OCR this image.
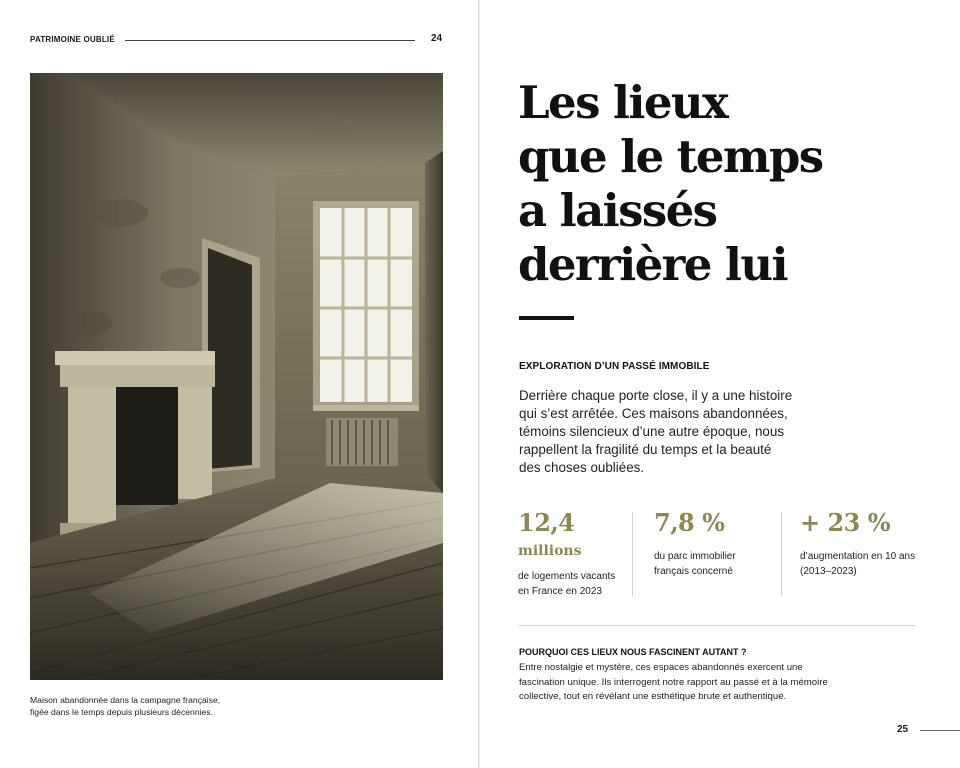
PATRIMOINE OUBLIÉ	24
Maison abandonnée dans la campagne française,
figée dans le temps depuis plusieurs décennies.
Les lieux
que le temps
a laissés
derrière lui
EXPLORATION D’UN PASSÉ IMMOBILE

Derrière chaque porte close, il y a une histoire
qui s’est arrêtée. Ces maisons abandonnées,
témoins silencieux d’une autre époque, nous
rappellent la fragilité du temps et la beauté
des choses oubliées.

12,4
millions
de logements vacants
en France en 2023
7,8 %
du parc immobilier
français concerné
+ 23 %
d’augmentation en 10 ans
(2013–2023)
POURQUOI CES LIEUX NOUS FASCINENT AUTANT ?

Entre nostalgie et mystère, ces espaces abandonnés exercent une
fascination unique. Ils interrogent notre rapport au passé et à la mémoire
collective, tout en révélant une esthétique brute et authentique.

25
